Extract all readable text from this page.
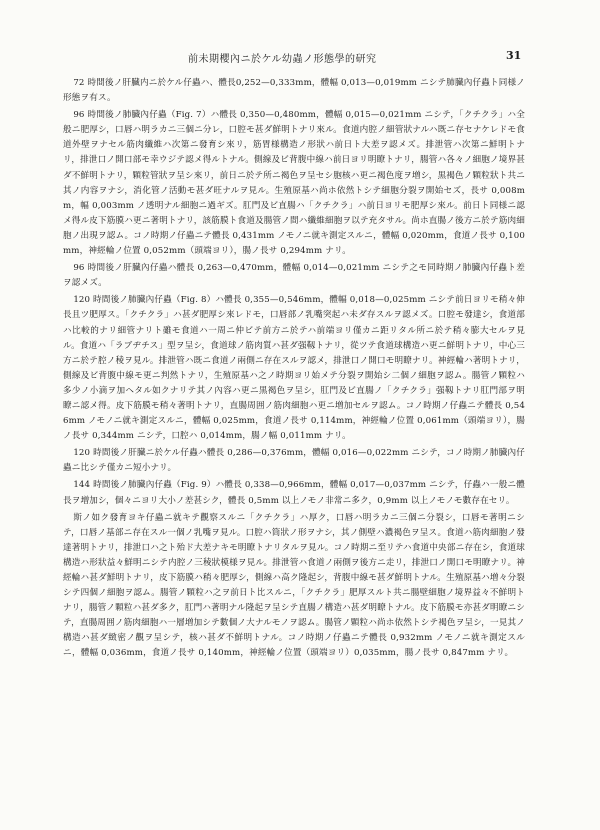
前未期櫻內ニ於ケル幼蟲ノ形態學的研究	31

72 時間後ノ肝臓内ニ於ケル仔蟲ハ、體長0,252—0,333mm，體幅 0,013—0,019mm ニシテ肺臓內仔蟲ト同様ノ形態ヲ有ス。

96 時間後ノ肺臓內仔蟲（Fig. 7）ハ體長 0,350—0,480mm，體幅 0,015—0,021mm ニシテ，「クチクラ」ハ全般ニ肥厚シ，口唇ハ明ラカニ三個ニ分レ，口腔モ甚ダ鮮明トナリ來ル。食道内腔ノ細管狀ナルハ既ニ存セナケレドモ食道外壁ヲナセル筋肉纖維ハ次第ニ發育シ來リ，筋胃様構造ノ形狀ハ前日ト大差ヲ認メズ。排泄管ハ次第ニ鮮明トナリ，排泄口ノ開口部モ幸ウジテ認メ得ルトナル。側線及ビ背腹中線ハ前日ヨリ明瞭トナリ，腸管ハ各々ノ細胞ノ境界甚ダ不鮮明トナリ，顆粒管狀ヲ呈シ來リ，前日ニ於テ所ニ褐色ヲ呈セシ胞核ハ更ニ褐色度ヲ増シ，黒褐色ノ顆粒狀ト共ニ其ノ内容ヲナシ，消化管ノ活動モ甚ダ旺ナルヲ見ル。生殖原基ハ尚ホ依然トシテ細胞分裂ヲ開始セズ，長サ 0,008mm，幅 0,003mm ノ透明ナル細胞ニ過ギズ。肛門及ビ直腸ハ「クチクラ」ハ前日ヨリモ肥厚シ來ル。前日ト同様ニ認メ得ル皮下筋膜ハ更ニ著明トナリ，該筋膜ト食道及腸管ノ間ハ纖維細胞ヲ以テ充タサル。尚ホ直腸ノ後方ニ於テ筋肉細胞ノ出現ヲ認ム。コノ時期ノ仔蟲ニテ體長 0,431mm ノモノニ就キ測定スルニ，體幅 0,020mm，食道ノ長サ 0,100mm，神經輪ノ位置 0,052mm（頭端ヨリ），腸ノ長サ 0,294mm ナリ。

96 時間後ノ肝臓內仔蟲ハ體長 0,263—0,470mm，體幅 0,014—0,021mm ニシテ之モ同時期ノ肺臓內仔蟲ト差ヲ認メズ。

120 時間後ノ肺臓內仔蟲（Fig. 8）ハ體長 0,355—0,546mm，體幅 0,018—0,025mm ニシテ前日ヨリモ稍々伸長且ツ肥厚ス。「クチクラ」ハ甚ダ肥厚シ來レドモ，口唇部ノ乳嘴突起ハ未ダ存スルヲ認メズ。口腔モ發達シ，食道部ハ比較的ナリ細管ナリト雖モ食道ハ一周ニ仲ビテ前方ニ於テハ前端ヨリ僅カニ距リタル所ニ於テ稍々膨大セルヲ見ル。食道ハ「ラブヂチス」型ヲ呈シ，食道球ノ筋肉質ハ甚ダ强靱トナリ，從ツテ食道球構造ハ更ニ鮮明トナリ，中心三方ニ於テ腔ノ稜ヲ見ル。排泄管ハ既ニ食道ノ兩側ニ存在スルヲ認メ，排泄口ノ開口モ明瞭ナリ。神經輪ハ著明トナリ，側線及ビ背腹中線モ更ニ判然トナリ，生殖原基ハ之ノ時期ヨリ始メテ分裂ヲ開始シ二個ノ細胞ヲ認ム。腸管ノ顆粒ハ多少ノ小滴ヲ加ヘタル如クナリテ其ノ內容ハ更ニ黒褐色ヲ呈シ，肛門及ビ直腸ノ「クチクラ」强靱トナリ肛門部ヲ明瞭ニ認メ得。皮下筋膜モ稍々著明トナリ，直腸周囲ノ筋肉細胞ハ更ニ増加セルヲ認ム。コノ時期ノ仔蟲ニテ體長 0,546mm ノモノニ就キ測定スルニ，體幅 0,025mm，食道ノ長サ 0,114mm，神經輪ノ位置 0,061mm（頭端ヨリ），腸ノ長サ 0,344mm ニシテ，口腔ハ 0,014mm，腸ノ幅 0,011mm ナリ。

120 時間後ノ肝臓ニ於ケル仔蟲ハ體長 0,286—0,376mm，體幅 0,016—0,022mm ニシテ，コノ時期ノ肺臓內仔蟲ニ比シテ僅カニ短小ナリ。

144 時間後ノ肺臓內仔蟲（Fig. 9）ハ體長 0,338—0,966mm，體幅 0,017—0,037mm ニシテ，仔蟲ハ一般ニ體長ヲ増加シ，個々ニヨリ大小ノ差甚シク，體長 0,5mm 以上ノモノ非常ニ多ク，0,9mm 以上ノモノモ數存在セリ。

斯ノ如ク發育ヨキ仔蟲ニ就キテ觀察スルニ「クチクラ」ハ厚ク，口唇ハ明ラカニ三個ニ分裂シ，口唇モ著明ニシテ，口唇ノ基部ニ存在スル一個ノ乳嘴ヲ見ル。口腔ハ筒狀ノ形ヲナシ，其ノ側壁ハ濃褐色ヲ呈ス。食道ハ筋肉細胞ノ發達著明トナリ，排泄口ハ之ト殆ド大差ナキモ明瞭トナリタルヲ見ル。コノ時期ニ至リテハ食道中央部ニ存在シ，食道球構造ハ形狀益々鮮明ニシテ内腔ノ三稜狀模様ヲ見ル。排泄管ハ食道ノ兩側ヲ後方ニ走リ，排泄口ノ開口モ明瞭ナリ。神經輪ハ甚ダ鮮明トナリ，皮下筋膜ハ稍々肥厚シ，側線ハ高ク隆起シ，背腹中線モ甚ダ鮮明トナル。生殖原基ハ増々分裂シテ四個ノ細胞ヲ認ム。腸管ノ顆粒ハ之ヲ前日ト比スルニ，「クチクラ」肥厚スルト共ニ腸壁細胞ノ境界益々不鮮明トナリ，腸管ノ顆粒ハ甚ダ多ク，肛門ハ著明ナル隆起ヲ呈シテ直腸ノ構造ハ甚ダ明瞭トナル。皮下筋膜モ亦甚ダ明瞭ニシテ，直腸周囲ノ筋肉細胞ハ一層増加シテ數個ノ大ナルモノヲ認ム。腸管ノ顆粒ハ尚ホ依然トシテ褐色ヲ呈シ，一見其ノ構造ハ甚ダ緻密ノ觀ヲ呈シテ，核ハ甚ダ不鮮明トナル。コノ時期ノ仔蟲ニテ體長 0,932mm ノモノニ就キ測定スルニ，體幅 0,036mm，食道ノ長サ 0,140mm，神經輪ノ位置（頭端ヨリ）0,035mm，腸ノ長サ 0,847mm ナリ。
